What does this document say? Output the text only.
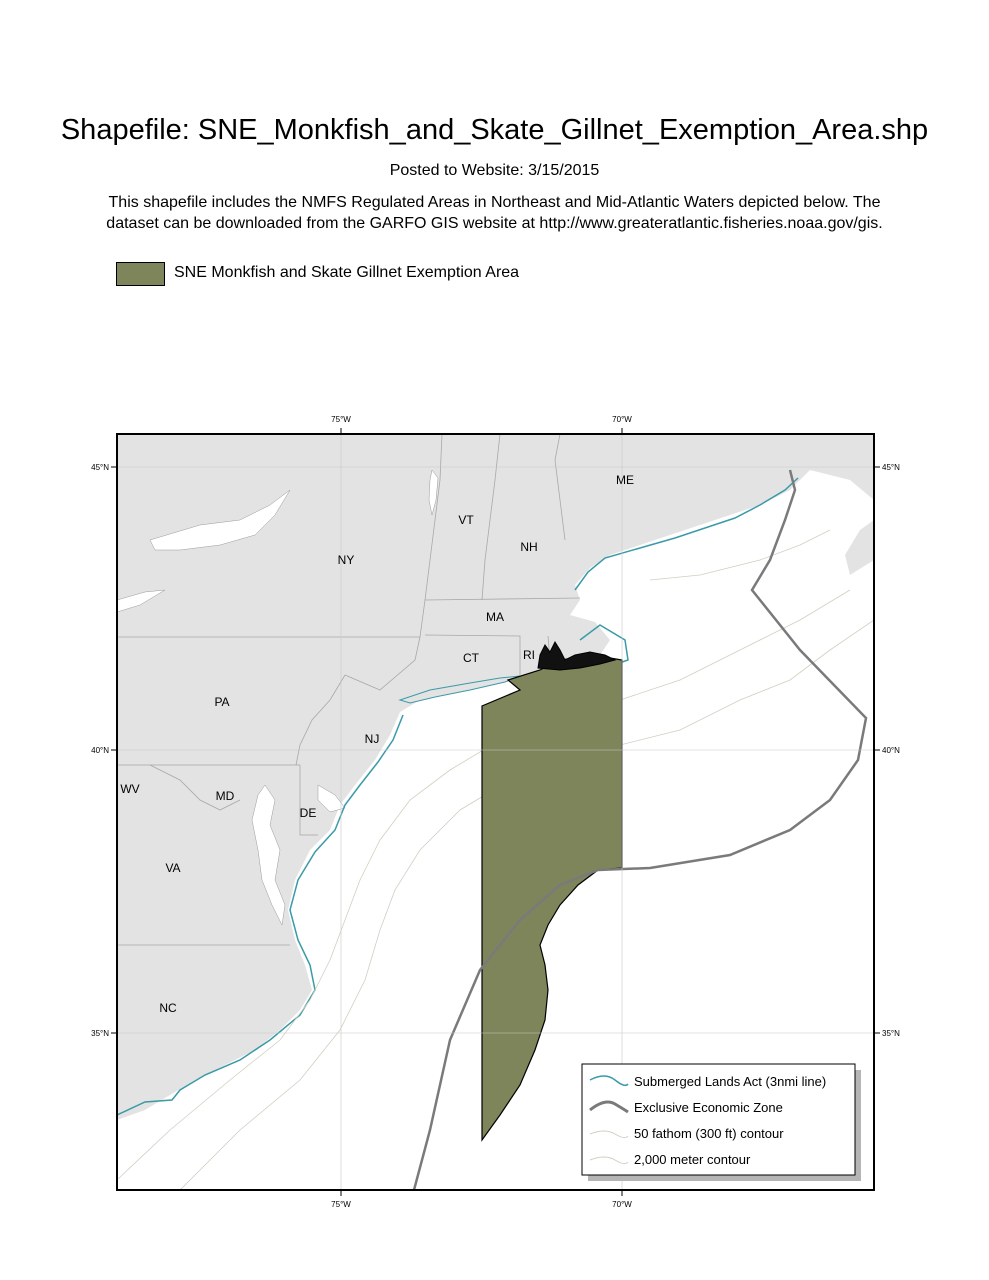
Shapefile: SNE_Monkfish_and_Skate_Gillnet_Exemption_Area.shp
Posted to Website: 3/15/2015
This shapefile includes the NMFS Regulated Areas in Northeast and Mid-Atlantic Waters depicted below. The
dataset can be downloaded from the GARFO GIS website at http://www.greateratlantic.fisheries.noaa.gov/gis.
SNE Monkfish and Skate Gillnet Exemption Area
75°W	70°W
75°W	70°W
45°N
40°N
35°N
45°N
40°N
35°N
ME
VT
NH
NY
MA
CT	RI
PA
NJ
WV	MD
DE
VA
NC
Submerged Lands Act (3nmi line)
Exclusive Economic Zone
50 fathom (300 ft) contour
2,000 meter contour
